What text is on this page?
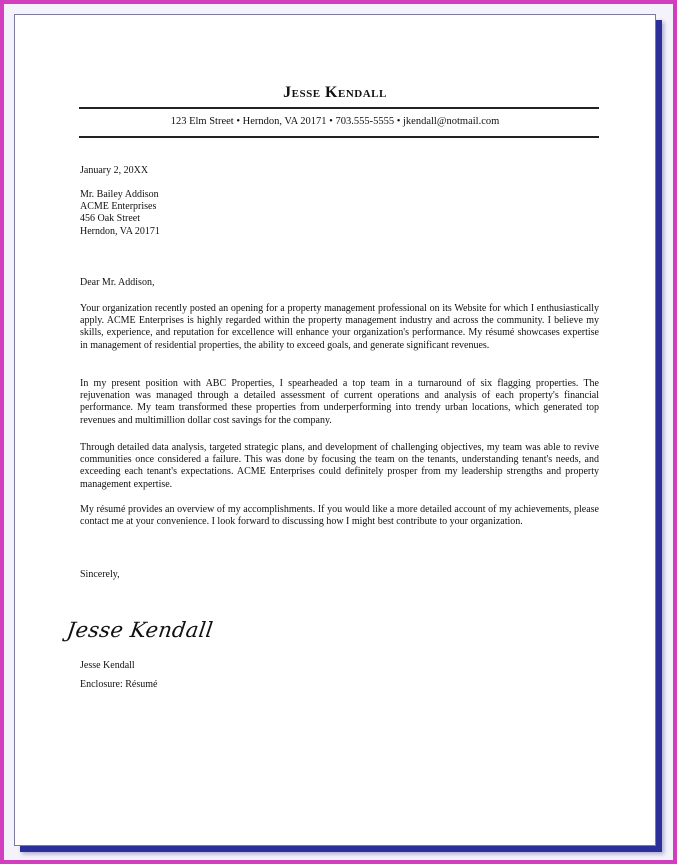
Jesse Kendall
123 Elm Street • Herndon, VA 20171 • 703.555-5555 • jkendall@notmail.com
January 2, 20XX
Mr. Bailey Addison
ACME Enterprises
456 Oak Street
Herndon, VA 20171
Dear Mr. Addison,

Your organization recently posted an opening for a property management professional on its Website for which I enthusiastically apply. ACME Enterprises is highly regarded within the property management industry and across the community. I believe my skills, experience, and reputation for excellence will enhance your organization's performance. My résumé showcases expertise in management of residential properties, the ability to exceed goals, and generate significant revenues.

In my present position with ABC Properties, I spearheaded a top team in a turnaround of six flagging properties. The rejuvenation was managed through a detailed assessment of current operations and analysis of each property's financial performance. My team transformed these properties from underperforming into trendy urban locations, which generated top revenues and multimillion dollar cost savings for the company.

Through detailed data analysis, targeted strategic plans, and development of challenging objectives, my team was able to revive communities once considered a failure. This was done by focusing the team on the tenants, understanding tenant's needs, and exceeding each tenant's expectations. ACME Enterprises could definitely prosper from my leadership strengths and property management expertise.

My résumé provides an overview of my accomplishments. If you would like a more detailed account of my achievements, please contact me at your convenience. I look forward to discussing how I might best contribute to your organization.

Sincerely,
Jesse Kendall
Jesse Kendall
Enclosure: Résumé
